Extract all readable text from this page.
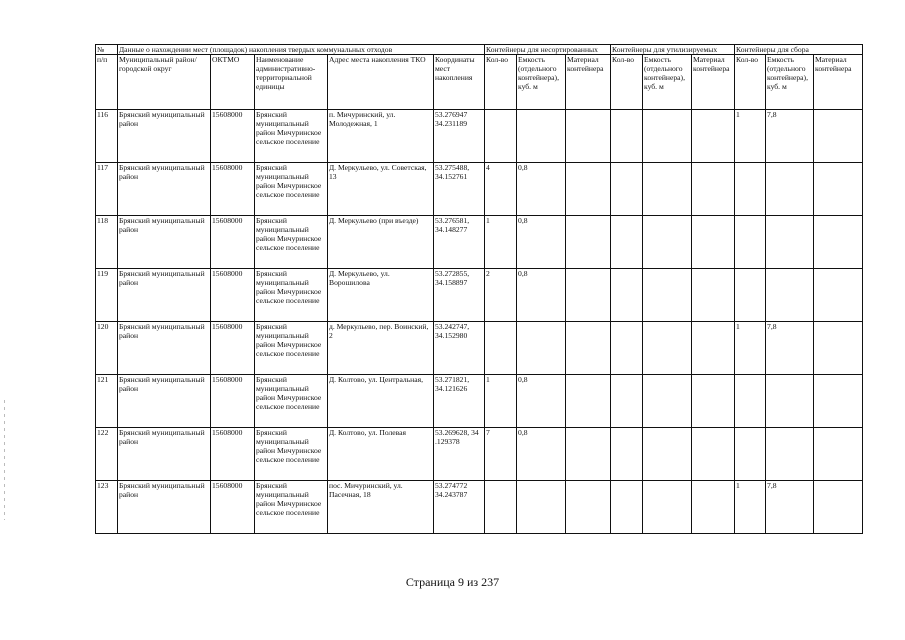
№	Данные о нахождении мест (площадок) накопления твердых коммунальных отходов					Контейнеры для несортированных			Контейнеры для утилизируемых			Контейнеры для сбора		
п/п	Муниципальный район/городской округ	ОКТМО	Наименование административно-территориальной единицы	Адрес места накопления ТКО	Координаты мест накопления	Кол-во	Емкость (отдельного контейнера), куб. м	Материал контейнера	Кол-во	Емкость (отдельного контейнера), куб. м	Материал контейнера	Кол-во	Емкость (отдельного контейнера), куб. м	Материал контейнера
116	Брянский муниципальный район	15608000	Брянский муниципальный район Мичуринское сельское поселение	п. Мичуринский, ул. Молодежная, 1	53.276947 34.231189							1	7,8	
117	Брянский муниципальный район	15608000	Брянский муниципальный район Мичуринское сельское поселение	Д. Меркульево, ул. Советская, 13	53.275488, 34.152761	4	0,8							
118	Брянский муниципальный район	15608000	Брянский муниципальный район Мичуринское сельское поселение	Д. Меркульево (при въезде)	53.276581, 34.148277	1	0,8							
119	Брянский муниципальный район	15608000	Брянский муниципальный район Мичуринское сельское поселение	Д. Меркульево, ул. Ворошилова	53.272855, 34.158897	2	0,8							
120	Брянский муниципальный район	15608000	Брянский муниципальный район Мичуринское сельское поселение	д. Меркульево, пер. Воинский, 2	53.242747, 34.152980							1	7,8	
121	Брянский муниципальный район	15608000	Брянский муниципальный район Мичуринское сельское поселение	Д. Колтово, ул. Центральная,	53.271821, 34.121626	1	0,8							
122	Брянский муниципальный район	15608000	Брянский муниципальный район Мичуринское сельское поселение	Д. Колтово, ул. Полевая	53.269628, 34 .129378	7	0,8							
123	Брянский муниципальный район	15608000	Брянский муниципальный район Мичуринское сельское поселение	пос. Мичуринский, ул. Пасечная, 18	53.274772 34.243787							1	7,8	
Страница 9 из 237
